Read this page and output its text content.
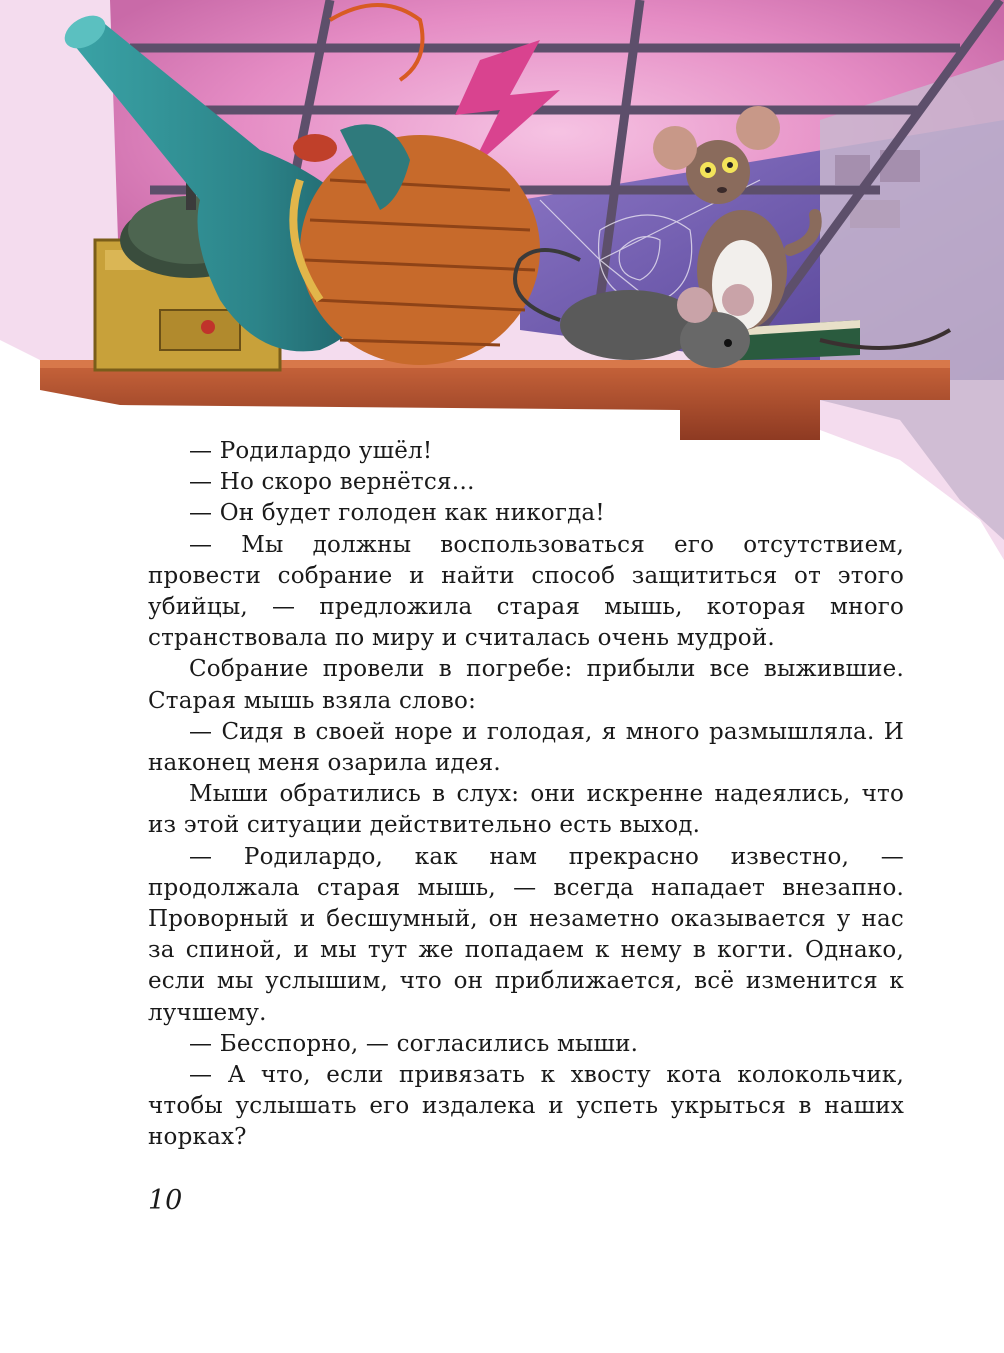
— Родилардо ушёл!

— Но скоро вернётся…

— Он будет голоден как никогда!

— Мы должны воспользоваться его отсутствием, провести собрание и найти способ защититься от этого убийцы, — предложила старая мышь, которая много странствовала по миру и считалась очень мудрой.

Собрание провели в погребе: прибыли все выжившие. Старая мышь взяла слово:

— Сидя в своей норе и голодая, я много размышляла. И наконец меня озарила идея.

Мыши обратились в слух: они искренне надеялись, что из этой ситуации действительно есть выход.

— Родилардо, как нам прекрасно известно, — продолжала старая мышь, — всегда нападает внезапно. Проворный и бесшумный, он незаметно оказывается у нас за спиной, и мы тут же попадаем к нему в когти. Однако, если мы услышим, что он приближается, всё изменится к лучшему.

— Бесспорно, — согласились мыши.

— А что, если привязать к хвосту кота колокольчик, чтобы услышать его издалека и успеть укрыться в наших норках?

10
